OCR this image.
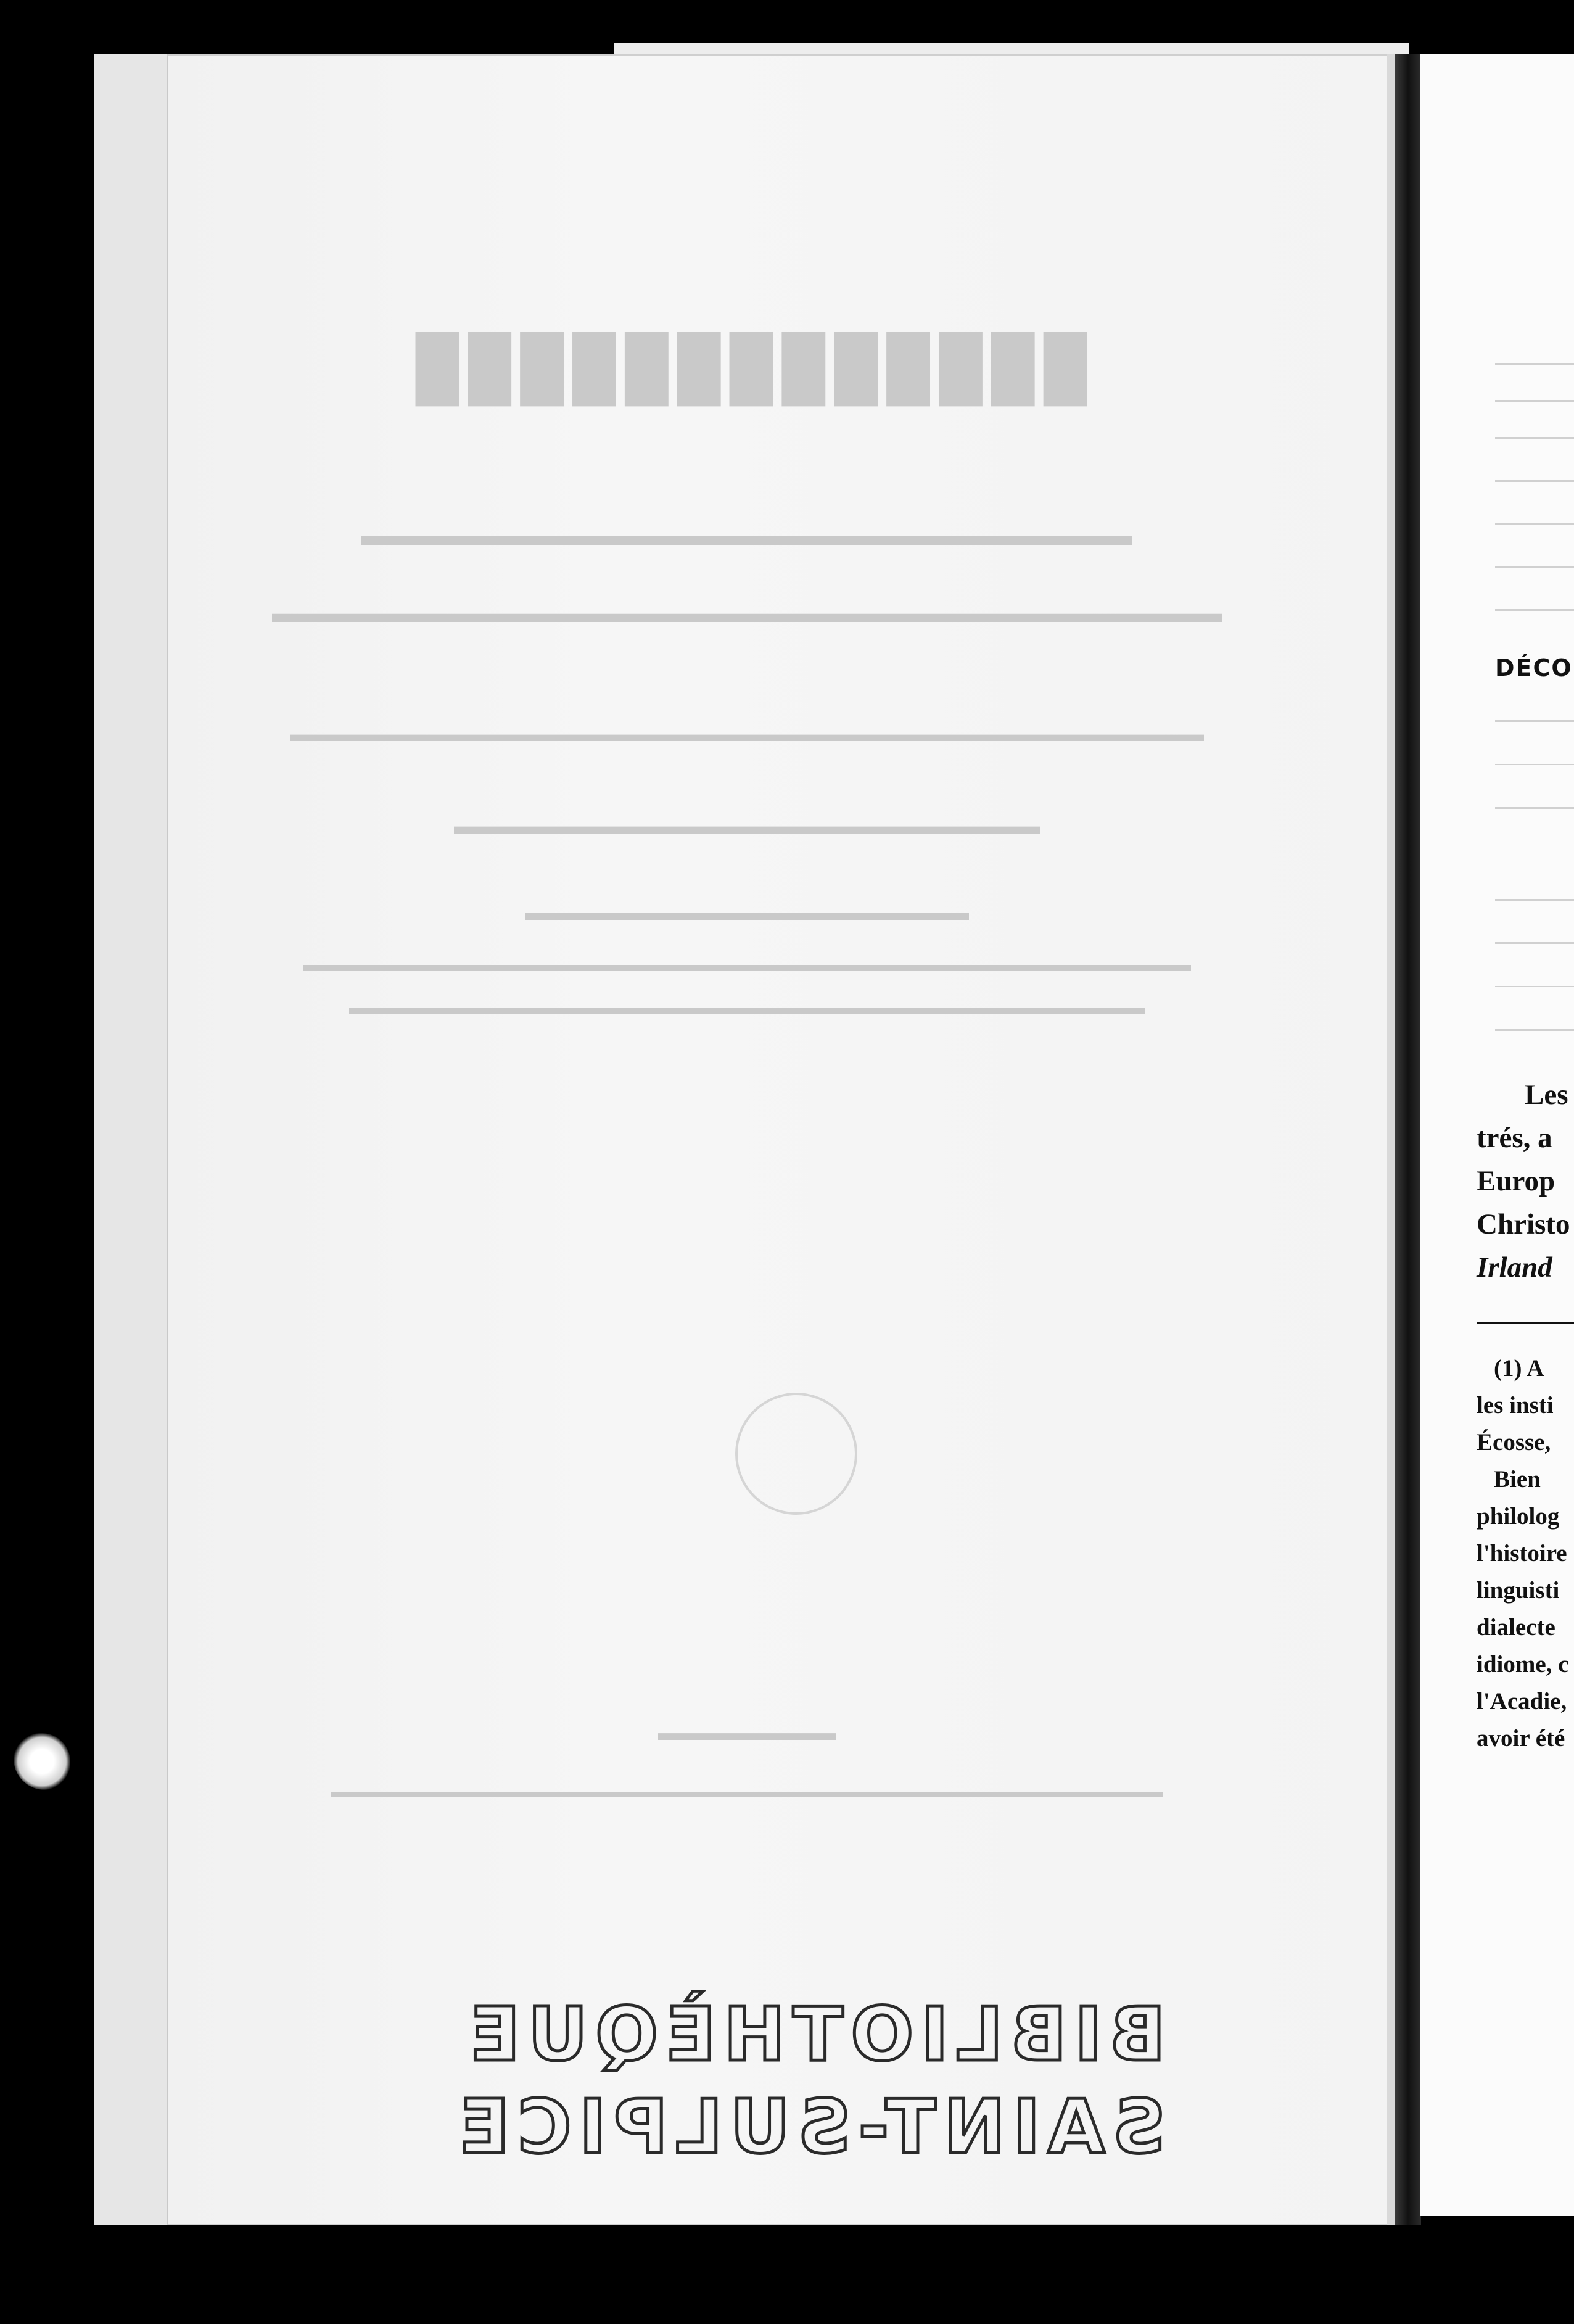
█████████████
▬▬▬▬▬▬▬▬▬▬▬▬▬▬▬▬▬▬▬▬▬▬▬▬▬
▬▬▬▬▬▬▬▬▬▬▬▬▬▬▬▬▬▬▬▬▬▬▬▬▬▬▬▬▬▬▬▬▬▬▬
▬▬▬▬▬▬▬▬▬▬▬▬▬▬▬▬▬▬▬▬▬▬▬▬▬▬▬▬▬▬▬▬▬▬▬▬▬▬▬
▬▬▬▬▬▬▬▬▬▬▬▬▬▬▬▬▬▬▬▬▬▬▬▬▬
▬▬▬▬▬▬▬▬▬▬▬▬▬▬▬▬▬▬▬▬
▬▬▬▬▬▬▬▬▬▬▬▬▬▬▬▬▬▬▬▬▬▬▬▬▬▬▬▬▬▬▬▬▬▬▬▬▬▬▬▬▬▬▬▬▬▬▬▬
▬▬▬▬▬▬▬▬▬▬▬▬▬▬▬▬▬▬▬▬▬▬▬▬▬▬▬▬▬▬▬▬▬▬▬▬▬▬▬▬▬▬▬
▬▬▬▬▬▬▬▬
▬▬▬▬▬▬▬▬▬▬▬▬▬▬▬▬▬▬▬▬▬▬▬▬▬▬▬▬▬▬▬▬▬▬▬▬▬▬▬▬▬▬▬▬▬
BIBLIOTHÈQUE
SAINT-SULPICE
DÉCO
Les
trés, a
Europ
Christo
Irland
(1) A
les insti
Écosse,
Bien
philolog
l'histoire
linguisti
dialecte
idiome, c
l'Acadie,
avoir été
